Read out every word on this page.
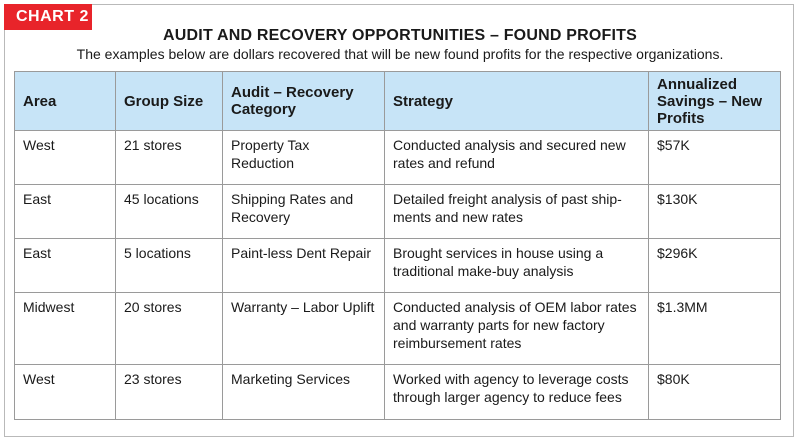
CHART 2
AUDIT AND RECOVERY OPPORTUNITIES – FOUND PROFITS
The examples below are dollars recovered that will be new found profits for the respective organizations.
Area	Group Size	Audit – Recovery Category	Strategy	Annualized Savings – New Profits
West	21 stores	Property Tax Reduction	Conducted analysis and secured new rates and refund	$57K
East	45 locations	Shipping Rates and Recovery	Detailed freight analysis of past ship-ments and new rates	$130K
East	5 locations	Paint-less Dent Repair	Brought services in house using a traditional make-buy analysis	$296K
Midwest	20 stores	Warranty – Labor Uplift	Conducted analysis of OEM labor rates and warranty parts for new factory reimbursement rates	$1.3MM
West	23 stores	Marketing Services	Worked with agency to leverage costs through larger agency to reduce fees	$80K
